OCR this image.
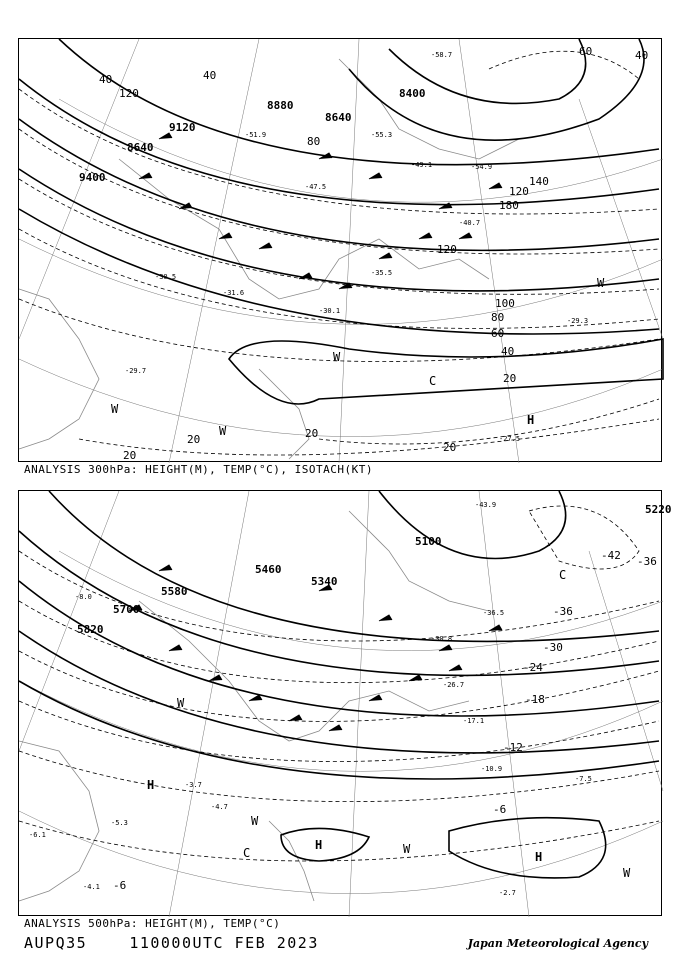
9120
8880
8640
8400
8640
9400
40
80
120
120
180
140
100
80
60
40
20
20
20	20
40
40
20
120
60
H
W
W
W
C
W
-51.9
-47.5
-55.3
-49.1
-30.5
-31.6
-29.3
-29.7
-27.5
-58.7
-54.9
-40.7
-35.5
-30.1
ANALYSIS 300hPa: HEIGHT(M), TEMP(°C), ISOTACH(KT)
5100
5340
5460
5580
5700
5820
5220
-42 -36
-36
-30
-24
-18
-12
-6
-6
H
H
H
W
W
W
W
C
C
-43.9
-36.5
-30.8
-26.7
-17.1
-10.9
-7.5
-2.7
-4.7
-5.3
-6.1
-4.1
-3.7
-8.0
ANALYSIS 500hPa: HEIGHT(M), TEMP(°C)
AUPQ35	110000UTC FEB 2023	Japan Meteorological Agency
